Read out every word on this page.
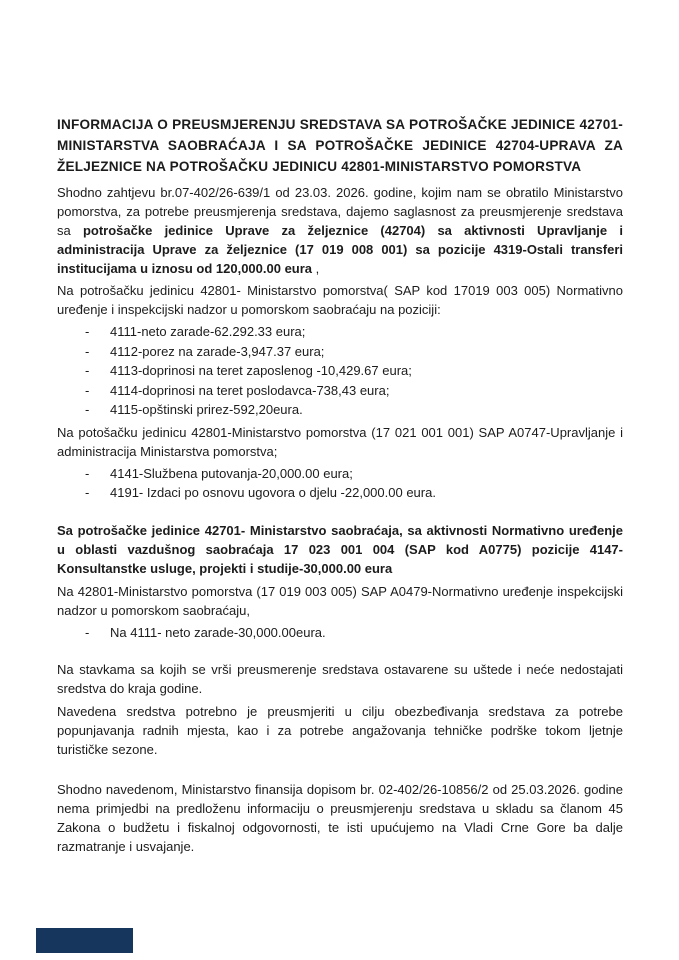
INFORMACIJA O PREUSMJERENJU SREDSTAVA SA POTROŠAČKE JEDINICE 42701-MINISTARSTVA SAOBRAĆAJA I SA POTROŠAČKE JEDINICE 42704-UPRAVA ZA ŽELJEZNICE NA POTROŠAČKU JEDINICU 42801-MINISTARSTVO POMORSTVA

Shodno zahtjevu br.07-402/26-639/1 od 23.03. 2026. godine, kojim nam se obratilo Ministarstvo pomorstva, za potrebe preusmjerenja sredstava, dajemo saglasnost za preusmjerenje sredstava sa potrošačke jedinice Uprave za željeznice (42704) sa aktivnosti Upravljanje i administracija Uprave za željeznice (17 019 008 001) sa pozicije 4319-Ostali transferi institucijama u iznosu od 120,000.00 eura ,

Na potrošačku jedinicu 42801- Ministarstvo pomorstva( SAP kod 17019 003 005) Normativno uređenje i inspekcijski nadzor u pomorskom saobraćaju na poziciji:

-	4111-neto zarade-62.292.33 eura;
-	4112-porez na zarade-3,947.37 eura;
-	4113-doprinosi na teret zaposlenog -10,429.67 eura;
-	4114-doprinosi na teret poslodavca-738,43 eura;
-	4115-opštinski prirez-592,20eura.

Na potošačku jedinicu 42801-Ministarstvo pomorstva (17 021 001 001) SAP A0747-Upravljanje i administracija Ministarstva pomorstva;

-	4141-Službena putovanja-20,000.00 eura;
-	4191- Izdaci po osnovu ugovora o djelu -22,000.00 eura.

Sa potrošačke jedinice 42701- Ministarstvo saobraćaja, sa aktivnosti Normativno uređenje u oblasti vazdušnog saobraćaja 17 023 001 004 (SAP kod A0775) pozicije 4147-Konsultanstke usluge, projekti i studije-30,000.00 eura

Na 42801-Ministarstvo pomorstva (17 019 003 005) SAP A0479-Normativno uređenje inspekcijski nadzor u pomorskom saobraćaju,

-	Na 4111- neto zarade-30,000.00eura.

Na stavkama sa kojih se vrši preusmerenje sredstava ostavarene su uštede i neće nedostajati sredstva do kraja godine.

Navedena sredstva potrebno je preusmjeriti u cilju obezbeđivanja sredstava za potrebe popunjavanja radnih mjesta, kao i za potrebe angažovanja tehničke podrške tokom ljetnje turističke sezone.

Shodno navedenom, Ministarstvo finansija dopisom br. 02-402/26-10856/2 od 25.03.2026. godine nema primjedbi na predloženu informaciju o preusmjerenju sredstava u skladu sa članom 45 Zakona o budžetu i fiskalnoj odgovornosti, te isti upućujemo na Vladi Crne Gore ba dalje razmatranje i usvajanje.
